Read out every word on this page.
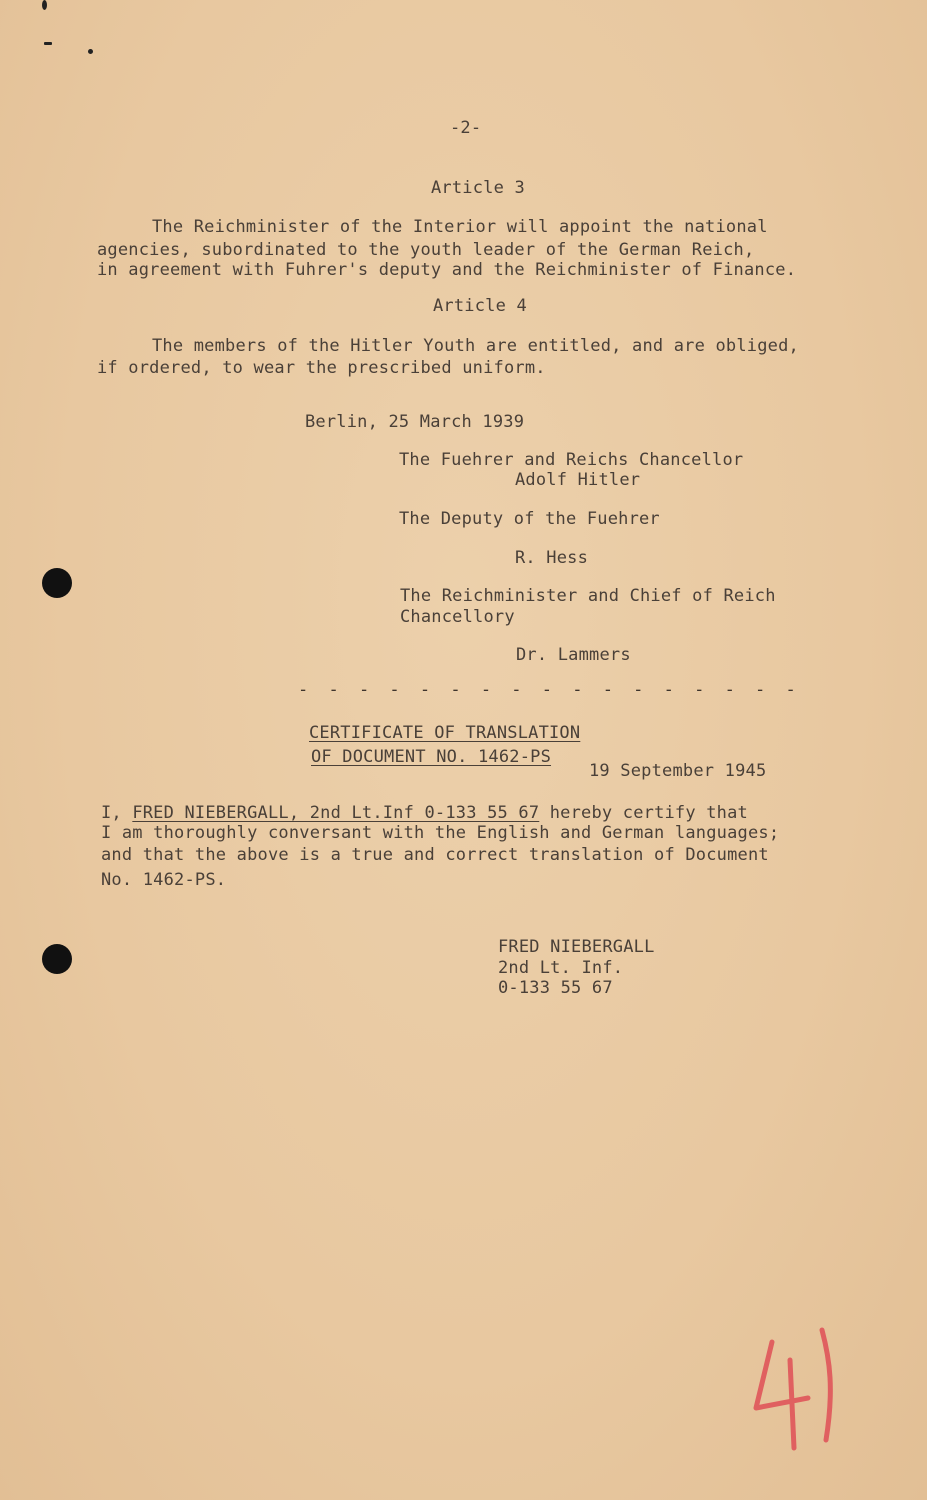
-2-
Article 3
The Reichminister of the Interior will appoint the national
agencies, subordinated to the youth leader of the German Reich,
in agreement with Fuhrer's deputy and the Reichminister of Finance.
Article 4
The members of the Hitler Youth are entitled, and are obliged,
if ordered, to wear the prescribed uniform.
Berlin, 25 March 1939
The Fuehrer and Reichs Chancellor
Adolf Hitler
The Deputy of the Fuehrer
R. Hess
The Reichminister and Chief of Reich
Chancellory
Dr. Lammers
- - - - - - - - - - - - - - - - -
CERTIFICATE OF TRANSLATION
OF DOCUMENT NO. 1462-PS
19 September 1945
I, FRED NIEBERGALL, 2nd Lt.Inf 0-133 55 67 hereby certify that
I am thoroughly conversant with the English and German languages;
and that the above is a true and correct translation of Document
No. 1462-PS.
FRED NIEBERGALL
2nd Lt. Inf.
0-133 55 67
